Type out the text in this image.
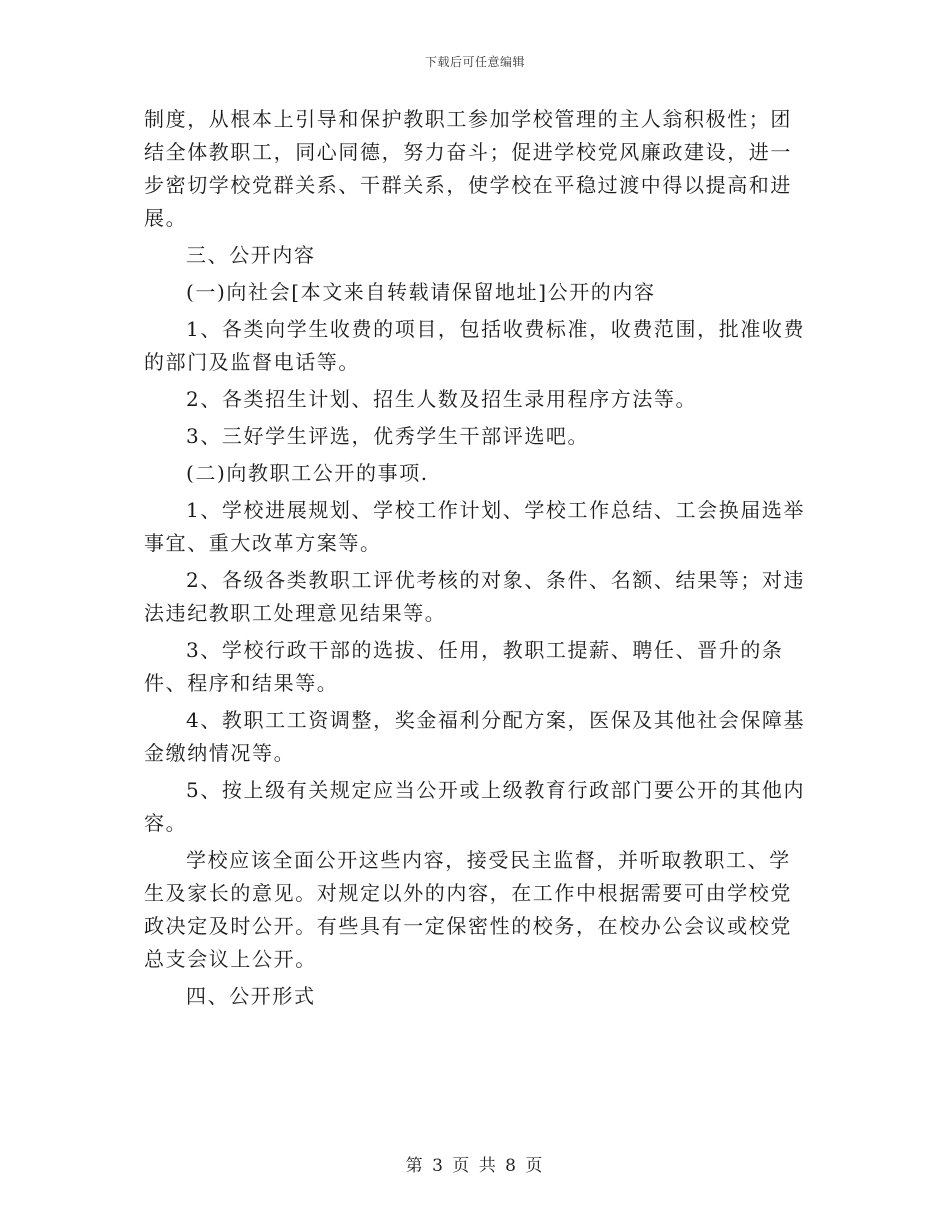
下载后可任意编辑

制度，从根本上引导和保护教职工参加学校管理的主人翁积极性；团结全体教职工，同心同德，努力奋斗；促进学校党风廉政建设，进一步密切学校党群关系、干群关系，使学校在平稳过渡中得以提高和进展。

三、公开内容

(一)向社会[本文来自转载请保留地址]公开的内容

1、各类向学生收费的项目，包括收费标准，收费范围，批准收费的部门及监督电话等。

2、各类招生计划、招生人数及招生录用程序方法等。

3、三好学生评选，优秀学生干部评选吧。

(二)向教职工公开的事项.

1、学校进展规划、学校工作计划、学校工作总结、工会换届选举事宜、重大改革方案等。

2、各级各类教职工评优考核的对象、条件、名额、结果等；对违法违纪教职工处理意见结果等。

3、学校行政干部的选拔、任用，教职工提薪、聘任、晋升的条件、程序和结果等。

4、教职工工资调整，奖金福利分配方案，医保及其他社会保障基金缴纳情况等。

5、按上级有关规定应当公开或上级教育行政部门要公开的其他内容。

学校应该全面公开这些内容，接受民主监督，并听取教职工、学生及家长的意见。对规定以外的内容，在工作中根据需要可由学校党政决定及时公开。有些具有一定保密性的校务，在校办公会议或校党总支会议上公开。

四、公开形式

第 3 页 共 8 页
